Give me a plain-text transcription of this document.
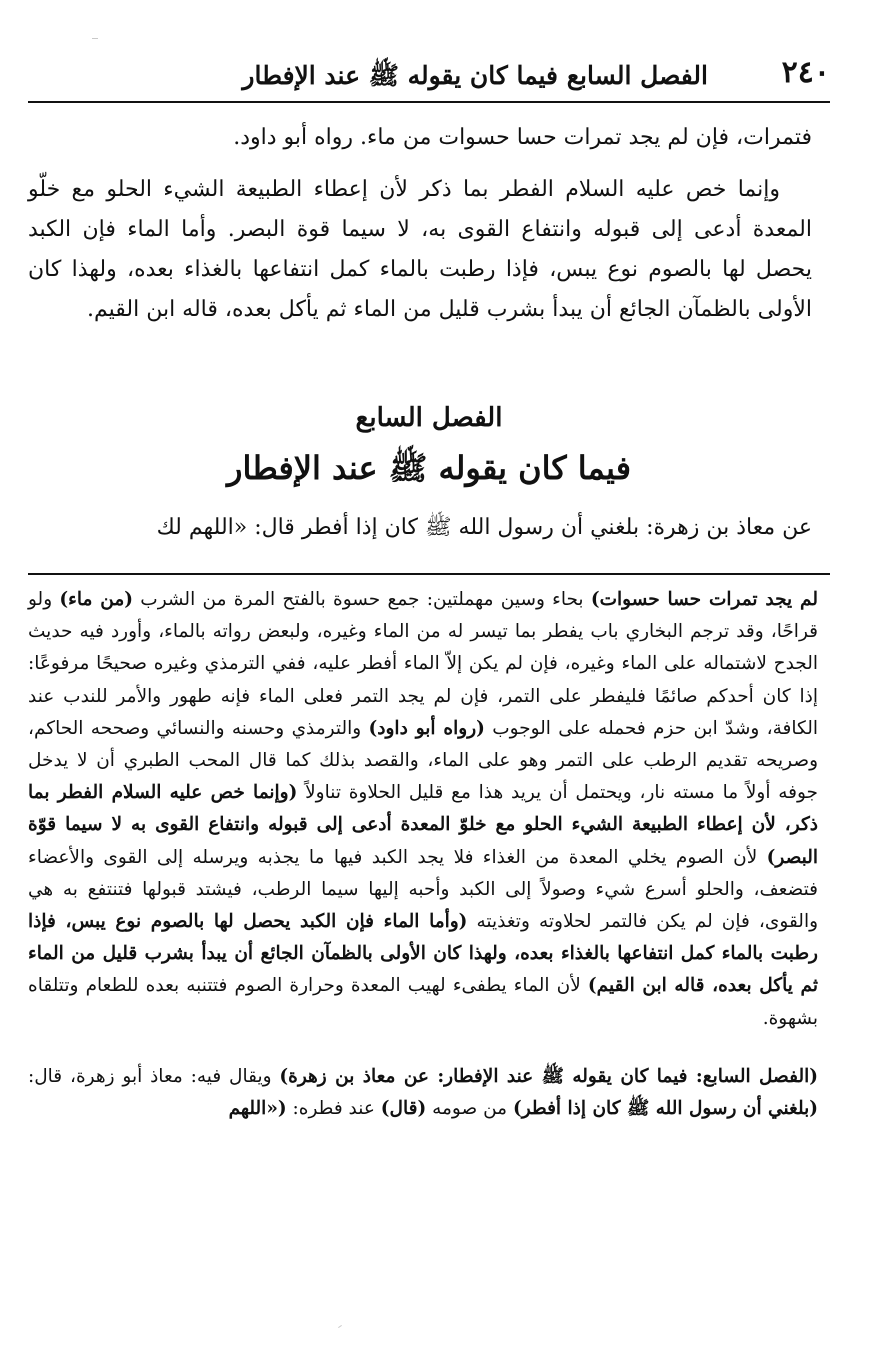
الفصل السابع فيما كان يقوله ﷺ عند الإفطار ٢٤٠

فتمرات، فإن لم يجد تمرات حسا حسوات من ماء. رواه أبو داود.

وإنما خص عليه السلام الفطر بما ذكر لأن إعطاء الطبيعة الشيء الحلو مع خلّو المعدة أدعى إلى قبوله وانتفاع القوى به، لا سيما قوة البصر. وأما الماء فإن الكبد يحصل لها بالصوم نوع يبس، فإذا رطبت بالماء كمل انتفاعها بالغذاء بعده، ولهذا كان الأولى بالظمآن الجائع أن يبدأ بشرب قليل من الماء ثم يأكل بعده، قاله ابن القيم.

الفصل السابع
فيما كان يقوله ﷺ عند الإفطار
عن معاذ بن زهرة: بلغني أن رسول الله ﷺ كان إذا أفطر قال: «اللهم لك

لم يجد تمرات حسا حسوات) بحاء وسين مهملتين: جمع حسوة بالفتح المرة من الشرب (من ماء) ولو قراحًا، وقد ترجم البخاري باب يفطر بما تيسر له من الماء وغيره، ولبعض رواته بالماء، وأورد فيه حديث الجدح لاشتماله على الماء وغيره، فإن لم يكن إلاّ الماء أفطر عليه، ففي الترمذي وغيره صحيحًا مرفوعًا: إذا كان أحدكم صائمًا فليفطر على التمر، فإن لم يجد التمر فعلى الماء فإنه طهور والأمر للندب عند الكافة، وشدّ ابن حزم فحمله على الوجوب (رواه أبو داود) والترمذي وحسنه والنسائي وصححه الحاكم، وصريحه تقديم الرطب على التمر وهو على الماء، والقصد بذلك كما قال المحب الطبري أن لا يدخل جوفه أولاً ما مسته نار، ويحتمل أن يريد هذا مع قليل الحلاوة تناولاً (وإنما خص عليه السلام الفطر بما ذكر، لأن إعطاء الطبيعة الشيء الحلو مع خلوّ المعدة أدعى إلى قبوله وانتفاع القوى به لا سيما قوّة البصر) لأن الصوم يخلي المعدة من الغذاء فلا يجد الكبد فيها ما يجذبه ويرسله إلى القوى والأعضاء فتضعف، والحلو أسرع شيء وصولاً إلى الكبد وأحبه إليها سيما الرطب، فيشتد قبولها فتنتفع به هي والقوى، فإن لم يكن فالتمر لحلاوته وتغذيته (وأما الماء فإن الكبد يحصل لها بالصوم نوع يبس، فإذا رطبت بالماء كمل انتفاعها بالغذاء بعده، ولهذا كان الأولى بالظمآن الجائع أن يبدأ بشرب قليل من الماء ثم يأكل بعده، قاله ابن القيم) لأن الماء يطفىء لهيب المعدة وحرارة الصوم فتتنبه بعده للطعام وتتلقاه بشهوة.

(الفصل السابع: فيما كان يقوله ﷺ عند الإفطار: عن معاذ بن زهرة) ويقال فيه: معاذ أبو زهرة، قال: (بلغني أن رسول الله ﷺ كان إذا أفطر) من صومه (قال) عند فطره: («اللهم
